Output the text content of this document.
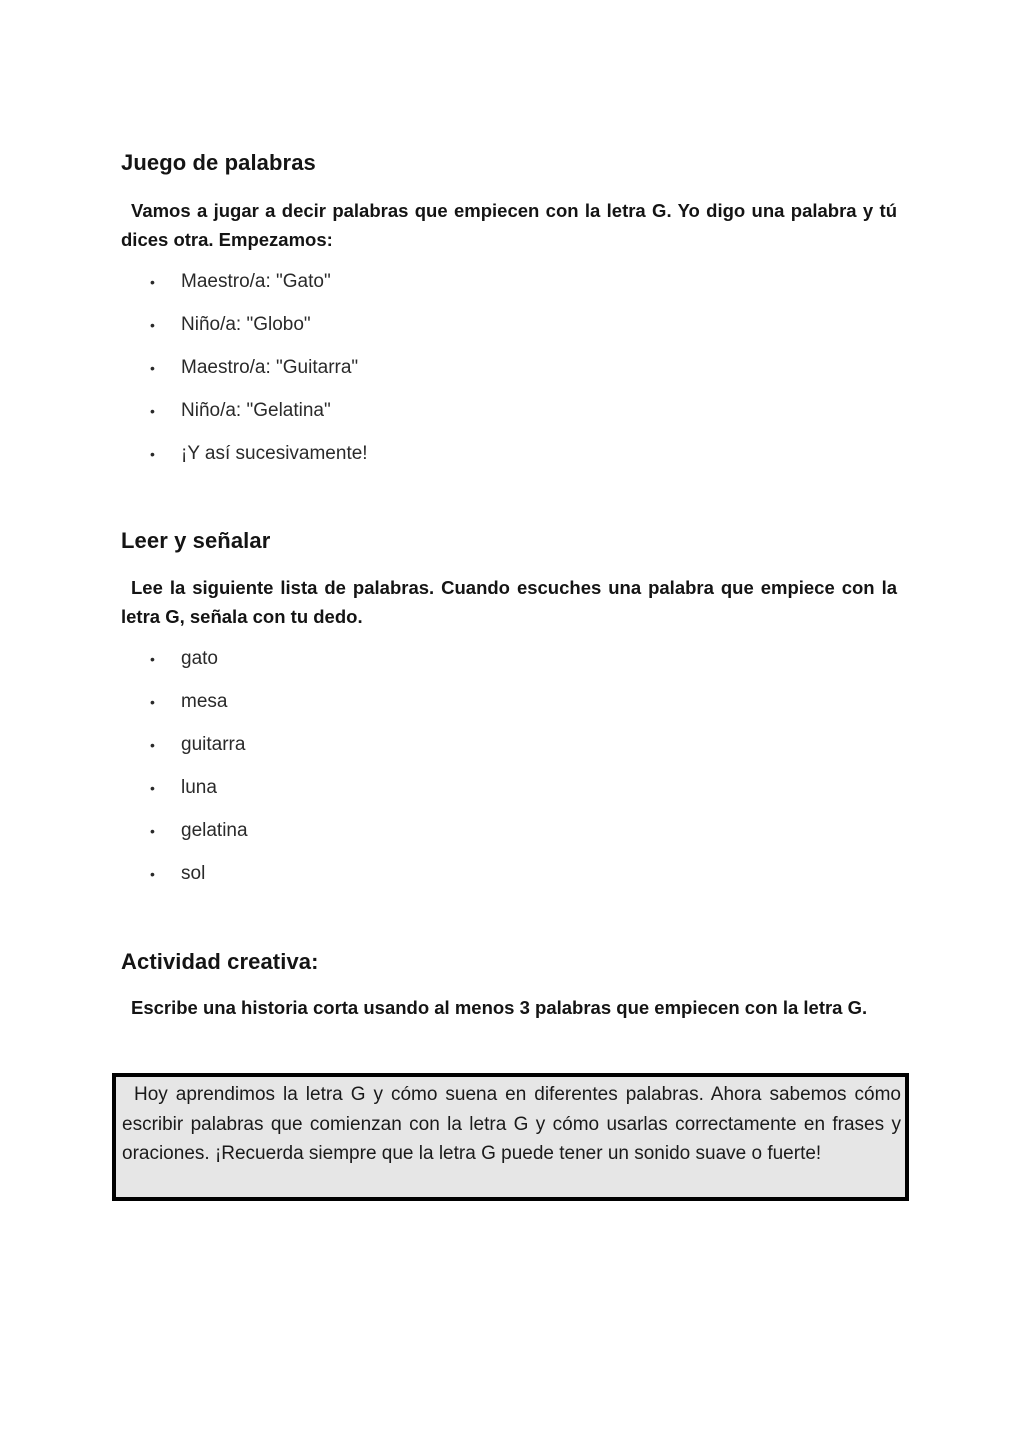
Juego de palabras

Vamos a jugar a decir palabras que empiecen con la letra G. Yo digo una palabra y tú dices otra. Empezamos:

• Maestro/a: "Gato"
• Niño/a: "Globo"
• Maestro/a: "Guitarra"
• Niño/a: "Gelatina"
• ¡Y así sucesivamente!
Leer y señalar

Lee la siguiente lista de palabras. Cuando escuches una palabra que empiece con la letra G, señala con tu dedo.

• gato
• mesa
• guitarra
• luna
• gelatina
• sol
Actividad creativa:

Escribe una historia corta usando al menos 3 palabras que empiecen con la letra G.

Hoy aprendimos la letra G y cómo suena en diferentes palabras. Ahora sabemos cómo escribir palabras que comienzan con la letra G y cómo usarlas correctamente en frases y oraciones. ¡Recuerda siempre que la letra G puede tener un sonido suave o fuerte!
